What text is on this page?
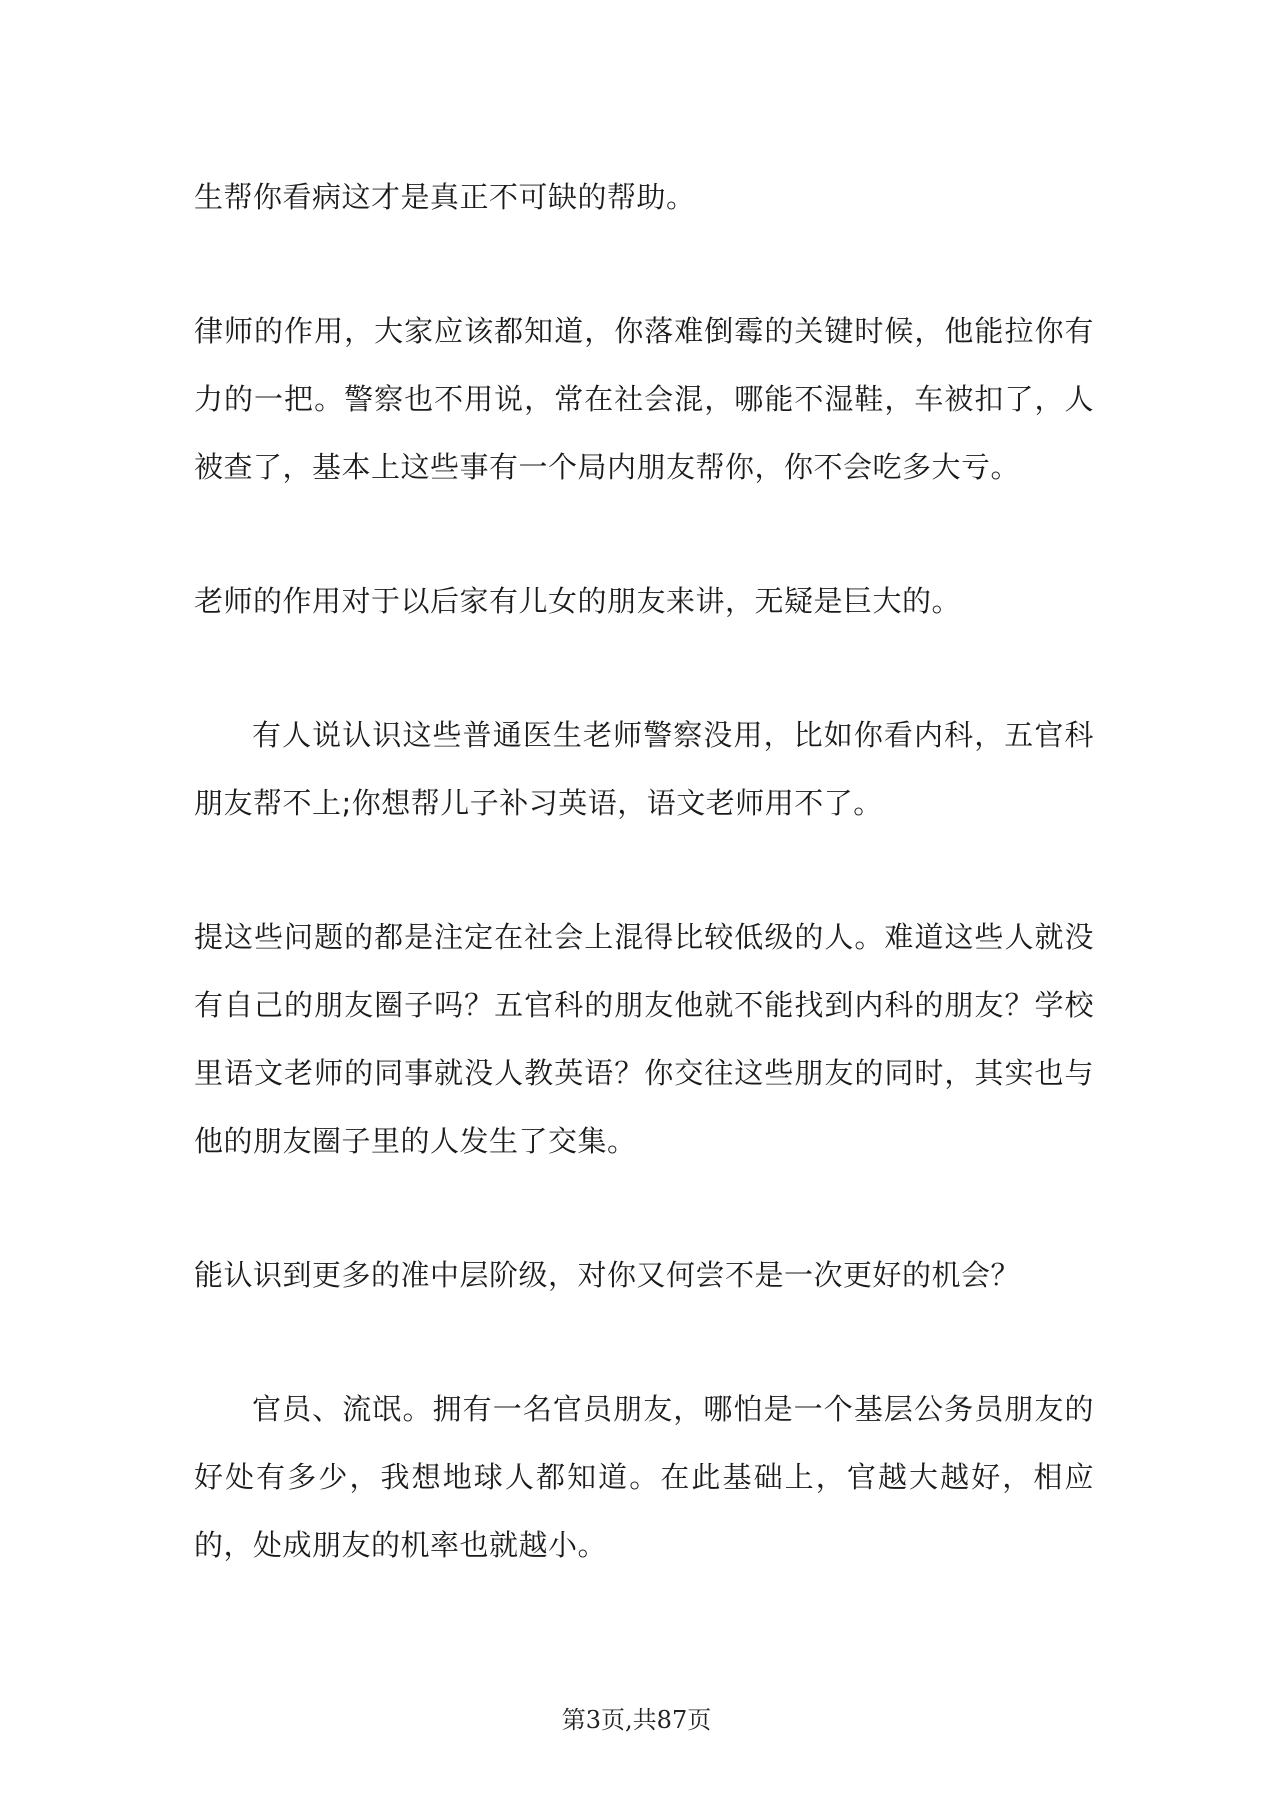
生帮你看病这才是真正不可缺的帮助。

律师的作用，大家应该都知道，你落难倒霉的关键时候，他能拉你有力的一把。警察也不用说，常在社会混，哪能不湿鞋，车被扣了，人被查了，基本上这些事有一个局内朋友帮你，你不会吃多大亏。

老师的作用对于以后家有儿女的朋友来讲，无疑是巨大的。

有人说认识这些普通医生老师警察没用，比如你看内科，五官科朋友帮不上;你想帮儿子补习英语，语文老师用不了。

提这些问题的都是注定在社会上混得比较低级的人。难道这些人就没有自己的朋友圈子吗？五官科的朋友他就不能找到内科的朋友？学校里语文老师的同事就没人教英语？你交往这些朋友的同时，其实也与他的朋友圈子里的人发生了交集。

能认识到更多的准中层阶级，对你又何尝不是一次更好的机会？

官员、流氓。拥有一名官员朋友，哪怕是一个基层公务员朋友的好处有多少，我想地球人都知道。在此基础上，官越大越好，相应的，处成朋友的机率也就越小。

第3页,共87页
